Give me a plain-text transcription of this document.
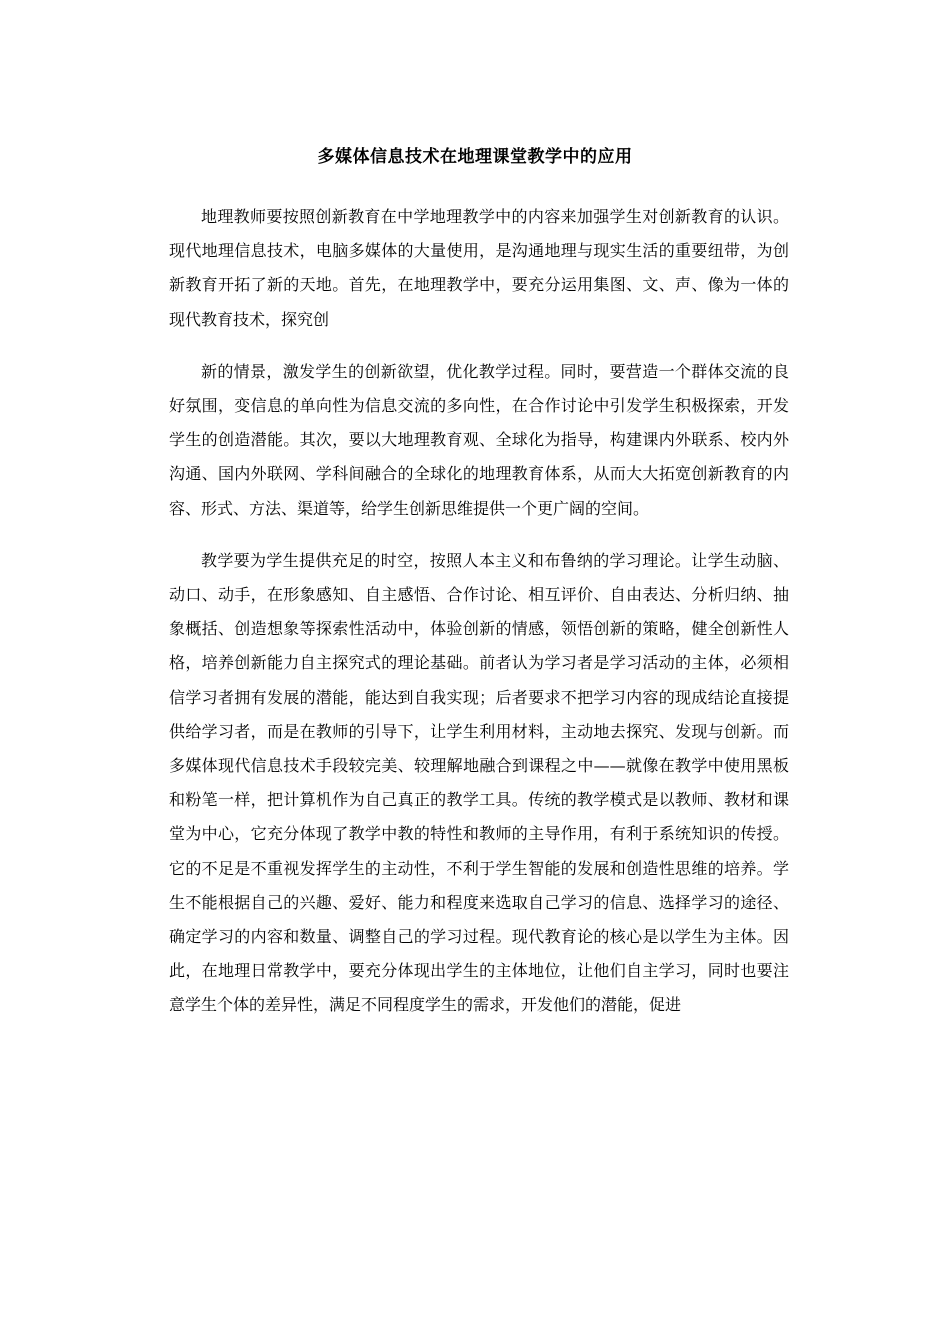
多媒体信息技术在地理课堂教学中的应用

地理教师要按照创新教育在中学地理教学中的内容来加强学生对创新教育的认识。现代地理信息技术，电脑多媒体的大量使用，是沟通地理与现实生活的重要纽带，为创新教育开拓了新的天地。首先，在地理教学中，要充分运用集图、文、声、像为一体的现代教育技术，探究创

新的情景，激发学生的创新欲望，优化教学过程。同时，要营造一个群体交流的良好氛围，变信息的单向性为信息交流的多向性，在合作讨论中引发学生积极探索，开发学生的创造潜能。其次，要以大地理教育观、全球化为指导，构建课内外联系、校内外沟通、国内外联网、学科间融合的全球化的地理教育体系，从而大大拓宽创新教育的内容、形式、方法、渠道等，给学生创新思维提供一个更广阔的空间。

教学要为学生提供充足的时空，按照人本主义和布鲁纳的学习理论。让学生动脑、动口、动手，在形象感知、自主感悟、合作讨论、相互评价、自由表达、分析归纳、抽象概括、创造想象等探索性活动中，体验创新的情感，领悟创新的策略，健全创新性人格，培养创新能力自主探究式的理论基础。前者认为学习者是学习活动的主体，必须相信学习者拥有发展的潜能，能达到自我实现；后者要求不把学习内容的现成结论直接提供给学习者，而是在教师的引导下，让学生利用材料，主动地去探究、发现与创新。而多媒体现代信息技术手段较完美、较理解地融合到课程之中——就像在教学中使用黑板和粉笔一样，把计算机作为自己真正的教学工具。传统的教学模式是以教师、教材和课堂为中心，它充分体现了教学中教的特性和教师的主导作用，有利于系统知识的传授。它的不足是不重视发挥学生的主动性，不利于学生智能的发展和创造性思维的培养。学生不能根据自己的兴趣、爱好、能力和程度来选取自己学习的信息、选择学习的途径、确定学习的内容和数量、调整自己的学习过程。现代教育论的核心是以学生为主体。因此，在地理日常教学中，要充分体现出学生的主体地位，让他们自主学习，同时也要注意学生个体的差异性，满足不同程度学生的需求，开发他们的潜能，促进
